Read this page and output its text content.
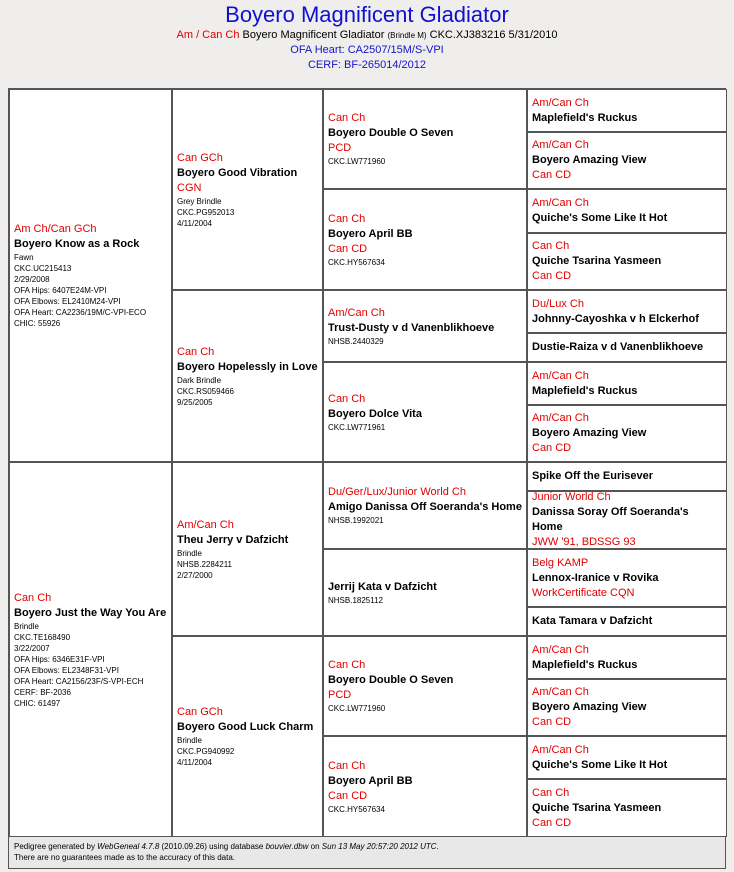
Boyero Magnificent Gladiator
Am / Can Ch Boyero Magnificent Gladiator (Brindle M) CKC.XJ383216 5/31/2010
OFA Heart: CA2507/15M/S-VPI
CERF: BF-265014/2012
Am/Can Ch
Maplefield's Ruckus
Am/Can Ch
Boyero Amazing View
Can CD
Am/Can Ch
Quiche's Some Like It Hot
Can Ch
Quiche Tsarina Yasmeen
Can CD
Du/Lux Ch
Johnny-Cayoshka v h Elckerhof
Dustie-Raiza v d Vanenblikhoeve
Am/Can Ch
Maplefield's Ruckus
Am/Can Ch
Boyero Amazing View
Can CD
Spike Off the Eurisever
Junior World Ch
Danissa Soray Off Soeranda's Home
JWW '91, BDSSG 93
Belg KAMP
Lennox-Iranice v Rovika
WorkCertificate CQN
Kata Tamara v Dafzicht
Am/Can Ch
Maplefield's Ruckus
Am/Can Ch
Boyero Amazing View
Can CD
Am/Can Ch
Quiche's Some Like It Hot
Can Ch
Quiche Tsarina Yasmeen
Can CD
Can Ch
Boyero Double O Seven
PCD
CKC.LW771960
Can Ch
Boyero April BB
Can CD
CKC.HY567634
Am/Can Ch
Trust-Dusty v d Vanenblikhoeve
NHSB.2440329
Can Ch
Boyero Dolce Vita
CKC.LW771961
Du/Ger/Lux/Junior World Ch
Amigo Danissa Off Soeranda's Home
NHSB.1992021
Jerrij Kata v Dafzicht
NHSB.1825112
Can Ch
Boyero Double O Seven
PCD
CKC.LW771960
Can Ch
Boyero April BB
Can CD
CKC.HY567634
Can GCh
Boyero Good Vibration
CGN
Grey Brindle
CKC.PG952013
4/11/2004
Can Ch
Boyero Hopelessly in Love
Dark Brindle
CKC.RS059466
9/25/2005
Am/Can Ch
Theu Jerry v Dafzicht
Brindle
NHSB.2284211
2/27/2000
Can GCh
Boyero Good Luck Charm
Brindle
CKC.PG940992
4/11/2004
Am Ch/Can GCh
Boyero Know as a Rock
Fawn
CKC.UC215413
2/29/2008
OFA Hips: 6407E24M-VPI
OFA Elbows: EL2410M24-VPI
OFA Heart: CA2236/19M/C-VPI-ECO
CHIC: 55926
Can Ch
Boyero Just the Way You Are
Brindle
CKC.TE168490
3/22/2007
OFA Hips: 6346E31F-VPI
OFA Elbows: EL2348F31-VPI
OFA Heart: CA2156/23F/S-VPI-ECH
CERF: BF-2036
CHIC: 61497
Pedigree generated by WebGeneal 4.7.8 (2010.09.26) using database bouvier.dbw on Sun 13 May 20:57:20 2012 UTC.
There are no guarantees made as to the accuracy of this data.
